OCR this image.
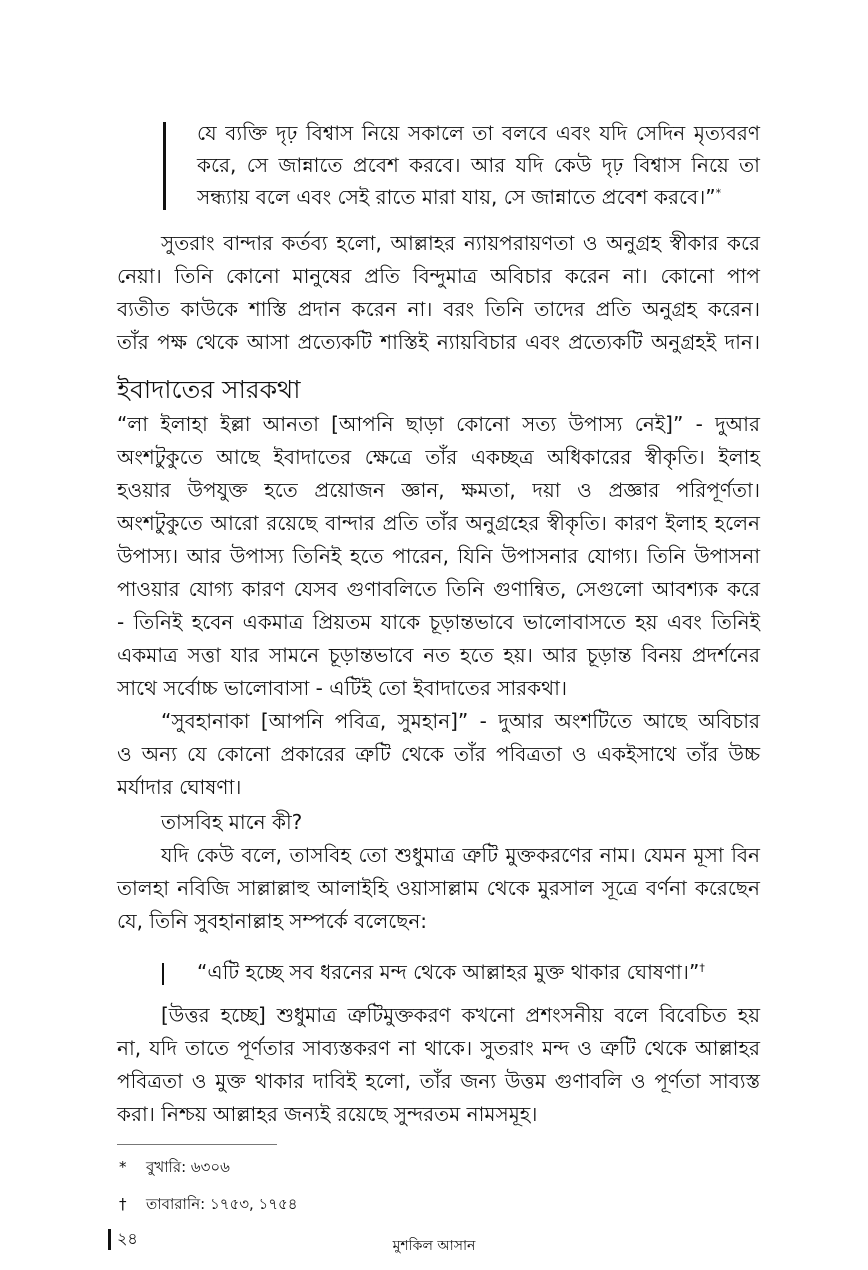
যে ব্যক্তি দৃঢ় বিশ্বাস নিয়ে সকালে তা বলবে এবং যদি সেদিন মৃত্যবরণ
করে, সে জান্নাতে প্রবেশ করবে। আর যদি কেউ দৃঢ় বিশ্বাস নিয়ে তা
সন্ধ্যায় বলে এবং সেই রাতে মারা যায়, সে জান্নাতে প্রবেশ করবে।”*
সুতরাং বান্দার কর্তব্য হলো, আল্লাহর ন্যায়পরায়ণতা ও অনুগ্রহ স্বীকার করে
নেয়া। তিনি কোনো মানুষের প্রতি বিন্দুমাত্র অবিচার করেন না। কোনো পাপ
ব্যতীত কাউকে শাস্তি প্রদান করেন না। বরং তিনি তাদের প্রতি অনুগ্রহ করেন।
তাঁর পক্ষ থেকে আসা প্রত্যেকটি শাস্তিই ন্যায়বিচার এবং প্রত্যেকটি অনুগ্রহই দান।
ইবাদাতের সারকথা
“লা ইলাহা ইল্লা আনতা [আপনি ছাড়া কোনো সত্য উপাস্য নেই]” - দুআর
অংশটুকুতে আছে ইবাদাতের ক্ষেত্রে তাঁর একচ্ছত্র অধিকারের স্বীকৃতি। ইলাহ
হওয়ার উপযুক্ত হতে প্রয়োজন জ্ঞান, ক্ষমতা, দয়া ও প্রজ্ঞার পরিপূর্ণতা।
অংশটুকুতে আরো রয়েছে বান্দার প্রতি তাঁর অনুগ্রহের স্বীকৃতি। কারণ ইলাহ হলেন
উপাস্য। আর উপাস্য তিনিই হতে পারেন, যিনি উপাসনার যোগ্য। তিনি উপাসনা
পাওয়ার যোগ্য কারণ যেসব গুণাবলিতে তিনি গুণান্বিত, সেগুলো আবশ্যক করে
- তিনিই হবেন একমাত্র প্রিয়তম যাকে চূড়ান্তভাবে ভালোবাসতে হয় এবং তিনিই
একমাত্র সত্তা যার সামনে চূড়ান্তভাবে নত হতে হয়। আর চূড়ান্ত বিনয় প্রদর্শনের
সাথে সর্বোচ্চ ভালোবাসা - এটিই তো ইবাদাতের সারকথা।
“সুবহানাকা [আপনি পবিত্র, সুমহান]” - দুআর অংশটিতে আছে অবিচার
ও অন্য যে কোনো প্রকারের ত্রুটি থেকে তাঁর পবিত্রতা ও একইসাথে তাঁর উচ্চ
মর্যাদার ঘোষণা।
তাসবিহ মানে কী?
যদি কেউ বলে, তাসবিহ তো শুধুমাত্র ত্রুটি মুক্তকরণের নাম। যেমন মূসা বিন
তালহা নবিজি সাল্লাল্লাহু আলাইহি ওয়াসাল্লাম থেকে মুরসাল সূত্রে বর্ণনা করেছেন
যে, তিনি সুবহানাল্লাহ সম্পর্কে বলেছেন:
“এটি হচ্ছে সব ধরনের মন্দ থেকে আল্লাহর মুক্ত থাকার ঘোষণা।”†
[উত্তর হচ্ছে] শুধুমাত্র ত্রুটিমুক্তকরণ কখনো প্রশংসনীয় বলে বিবেচিত হয়
না, যদি তাতে পূর্ণতার সাব্যস্তকরণ না থাকে। সুতরাং মন্দ ও ত্রুটি থেকে আল্লাহর
পবিত্রতা ও মুক্ত থাকার দাবিই হলো, তাঁর জন্য উত্তম গুণাবলি ও পূর্ণতা সাব্যস্ত
করা। নিশ্চয় আল্লাহর জন্যই রয়েছে সুন্দরতম নামসমূহ।
* বুখারি: ৬৩০৬
† তাবারানি: ১৭৫৩, ১৭৫৪
২৪	মুশকিল আসান
